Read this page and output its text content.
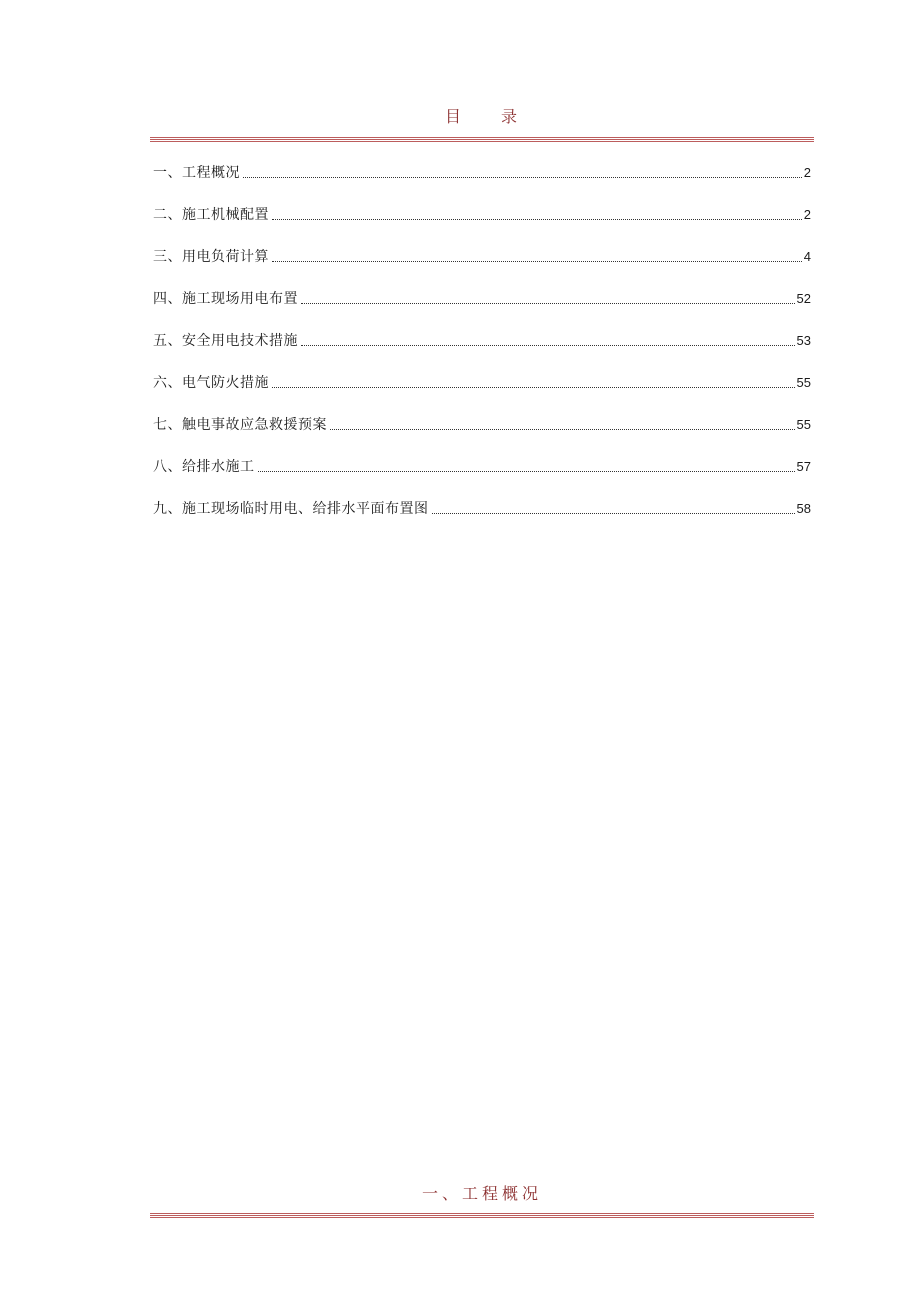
目 录
一、工程概况	2
二、施工机械配置	2
三、用电负荷计算	4
四、施工现场用电布置	52
五、安全用电技术措施	53
六、电气防火措施	55
七、触电事故应急救援预案	55
八、给排水施工	57
九、施工现场临时用电、给排水平面布置图	58
一、工程概况
